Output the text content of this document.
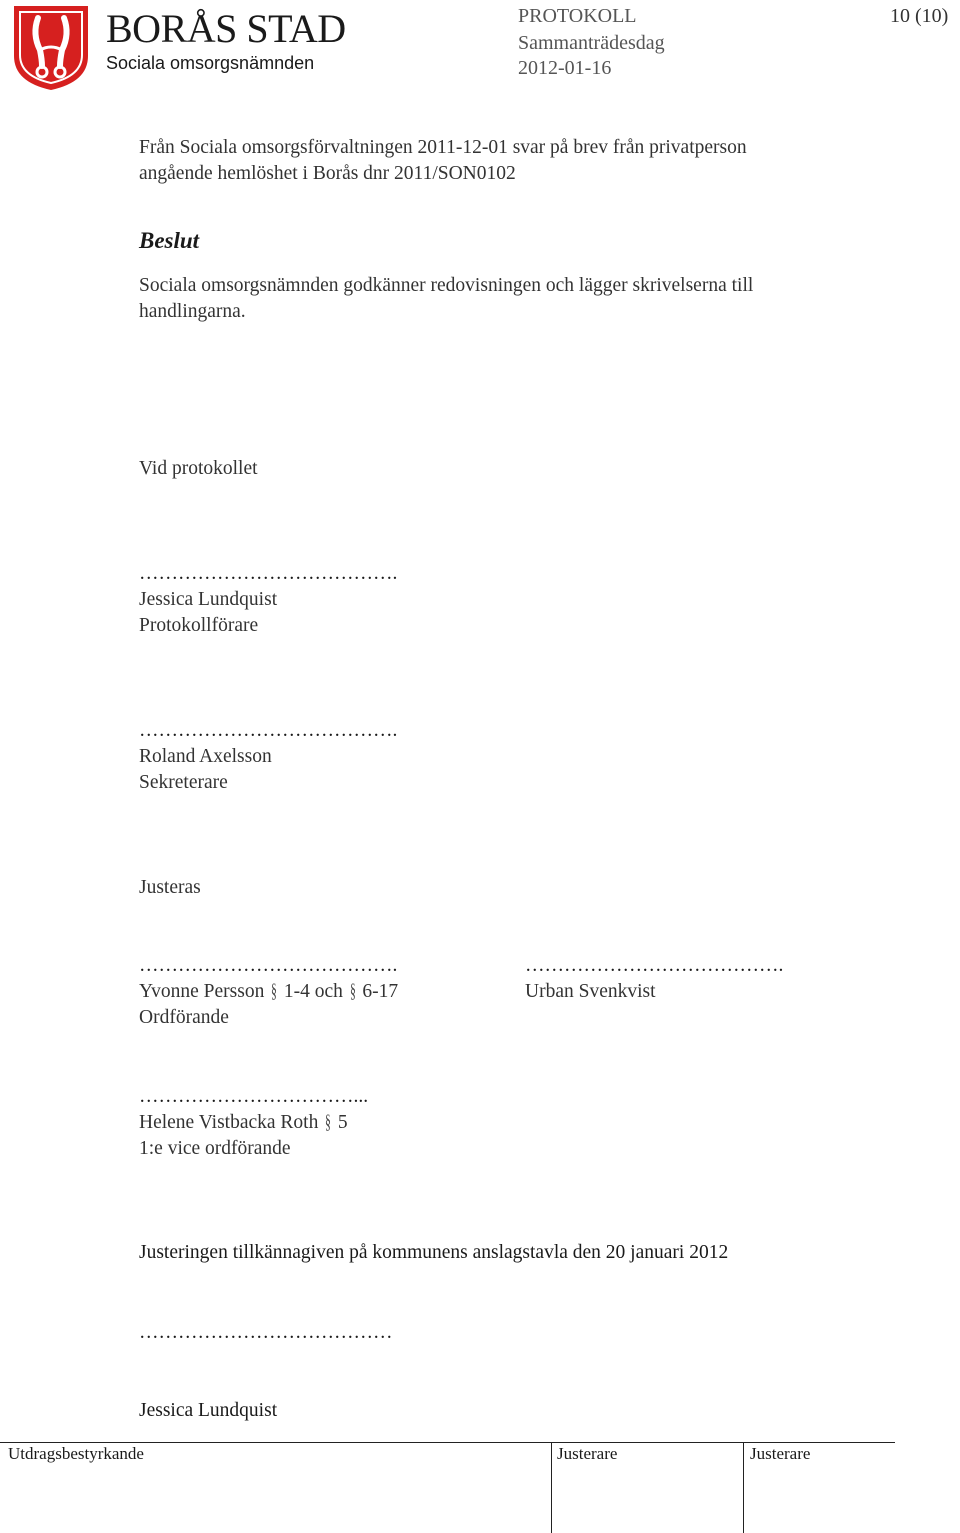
BORÅS STAD
Sociala omsorgsnämnden
PROTOKOLL
Sammanträdesdag
2012-01-16
10 (10)
Från Sociala omsorgsförvaltningen 2011-12-01 svar på brev från privatperson
angående hemlöshet i Borås dnr 2011/SON0102
Beslut
Sociala omsorgsnämnden godkänner redovisningen och lägger skrivelserna till
handlingarna.
Vid protokollet
………………………………….
Jessica Lundquist
Protokollförare
………………………………….
Roland Axelsson
Sekreterare
Justeras
………………………………….	………………………………….
Yvonne Persson § 1-4 och § 6-17	Urban Svenkvist
Ordförande
……………………………...
Helene Vistbacka Roth § 5
1:e vice ordförande
Justeringen tillkännagiven på kommunens anslagstavla den 20 januari 2012
…………………………………
Jessica Lundquist
Utdragsbestyrkande	Justerare	Justerare
